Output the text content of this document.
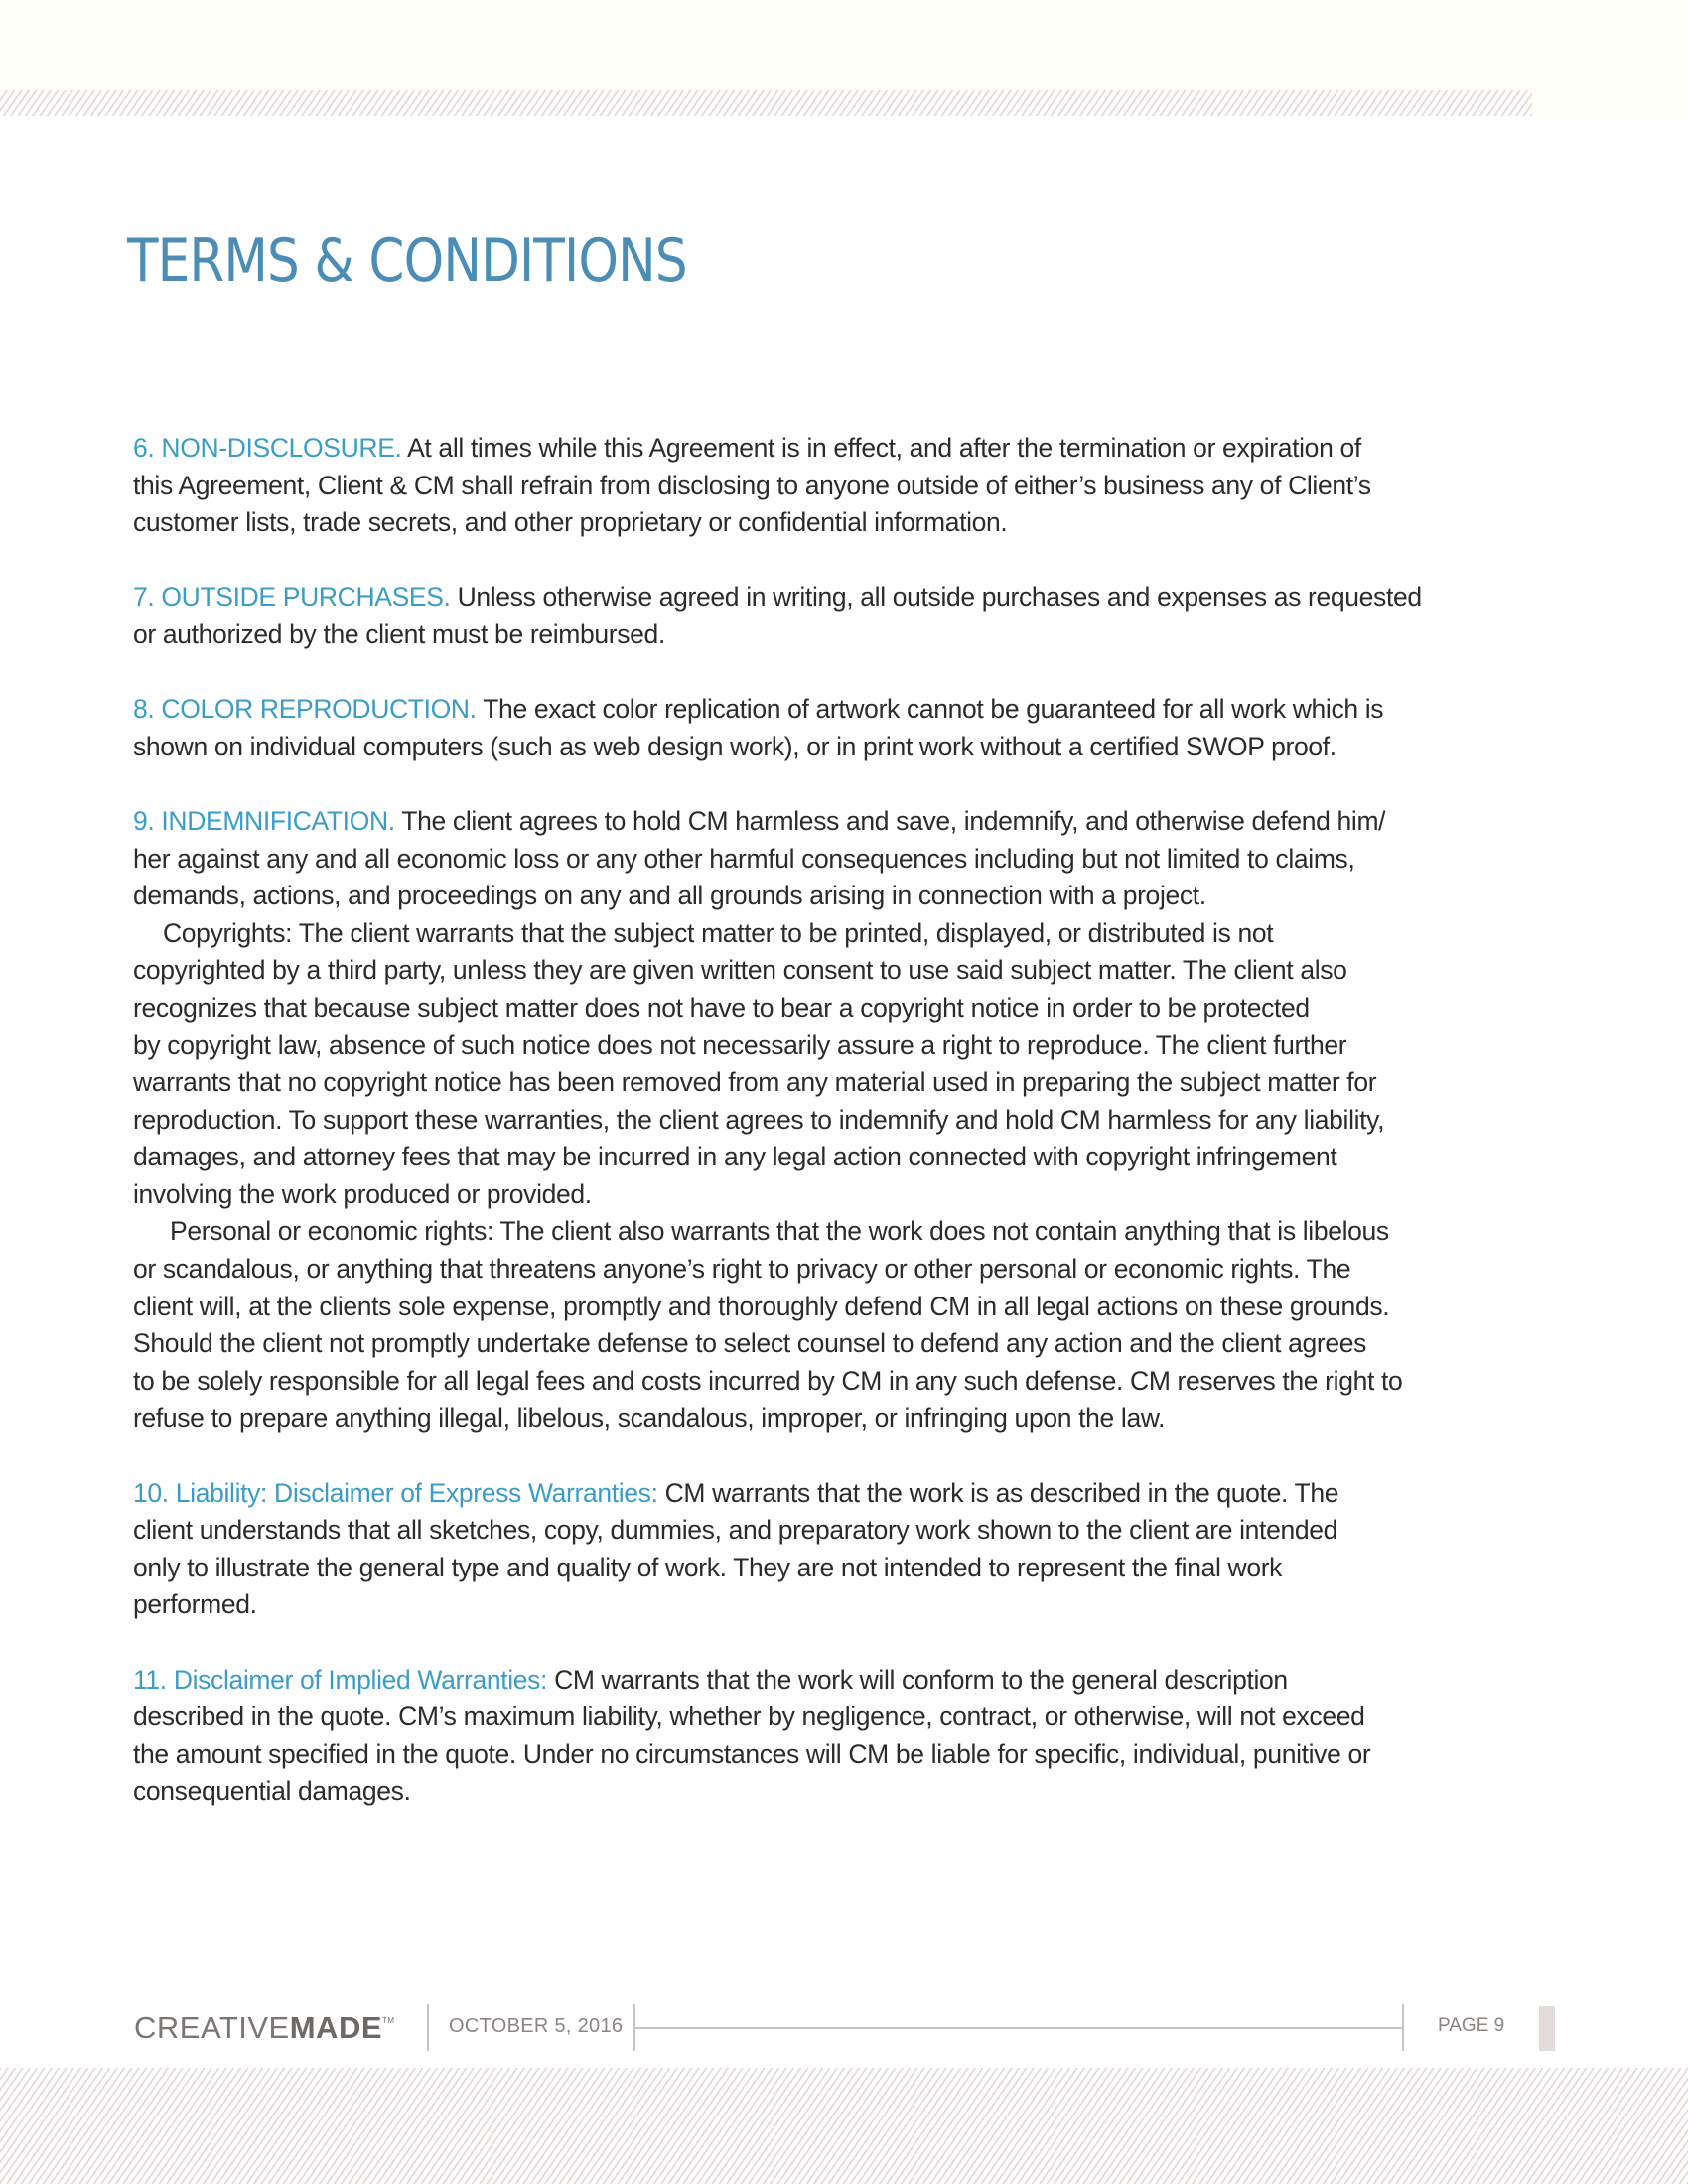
TERMS & CONDITIONS
6. NON-DISCLOSURE. At all times while this Agreement is in effect, and after the termination or expiration of
this Agreement, Client & CM shall refrain from disclosing to anyone outside of either’s business any of Client’s
customer lists, trade secrets, and other proprietary or confidential information.
7. OUTSIDE PURCHASES. Unless otherwise agreed in writing, all outside purchases and expenses as requested
or authorized by the client must be reimbursed.
8. COLOR REPRODUCTION. The exact color replication of artwork cannot be guaranteed for all work which is
shown on individual computers (such as web design work), or in print work without a certified SWOP proof.
9. INDEMNIFICATION. The client agrees to hold CM harmless and save, indemnify, and otherwise defend him/
her against any and all economic loss or any other harmful consequences including but not limited to claims,
demands, actions, and proceedings on any and all grounds arising in connection with a project.
Copyrights: The client warrants that the subject matter to be printed, displayed, or distributed is not
copyrighted by a third party, unless they are given written consent to use said subject matter. The client also
recognizes that because subject matter does not have to bear a copyright notice in order to be protected
by copyright law, absence of such notice does not necessarily assure a right to reproduce. The client further
warrants that no copyright notice has been removed from any material used in preparing the subject matter for
reproduction. To support these warranties, the client agrees to indemnify and hold CM harmless for any liability,
damages, and attorney fees that may be incurred in any legal action connected with copyright infringement
involving the work produced or provided.
Personal or economic rights: The client also warrants that the work does not contain anything that is libelous
or scandalous, or anything that threatens anyone’s right to privacy or other personal or economic rights. The
client will, at the clients sole expense, promptly and thoroughly defend CM in all legal actions on these grounds.
Should the client not promptly undertake defense to select counsel to defend any action and the client agrees
to be solely responsible for all legal fees and costs incurred by CM in any such defense. CM reserves the right to
refuse to prepare anything illegal, libelous, scandalous, improper, or infringing upon the law.
10. Liability: Disclaimer of Express Warranties: CM warrants that the work is as described in the quote. The
client understands that all sketches, copy, dummies, and preparatory work shown to the client are intended
only to illustrate the general type and quality of work. They are not intended to represent the final work
performed.
11. Disclaimer of Implied Warranties: CM warrants that the work will conform to the general description
described in the quote. CM’s maximum liability, whether by negligence, contract, or otherwise, will not exceed
the amount specified in the quote. Under no circumstances will CM be liable for specific, individual, punitive or
consequential damages.
CREATIVEMADE™	OCTOBER 5, 2016	PAGE 9
